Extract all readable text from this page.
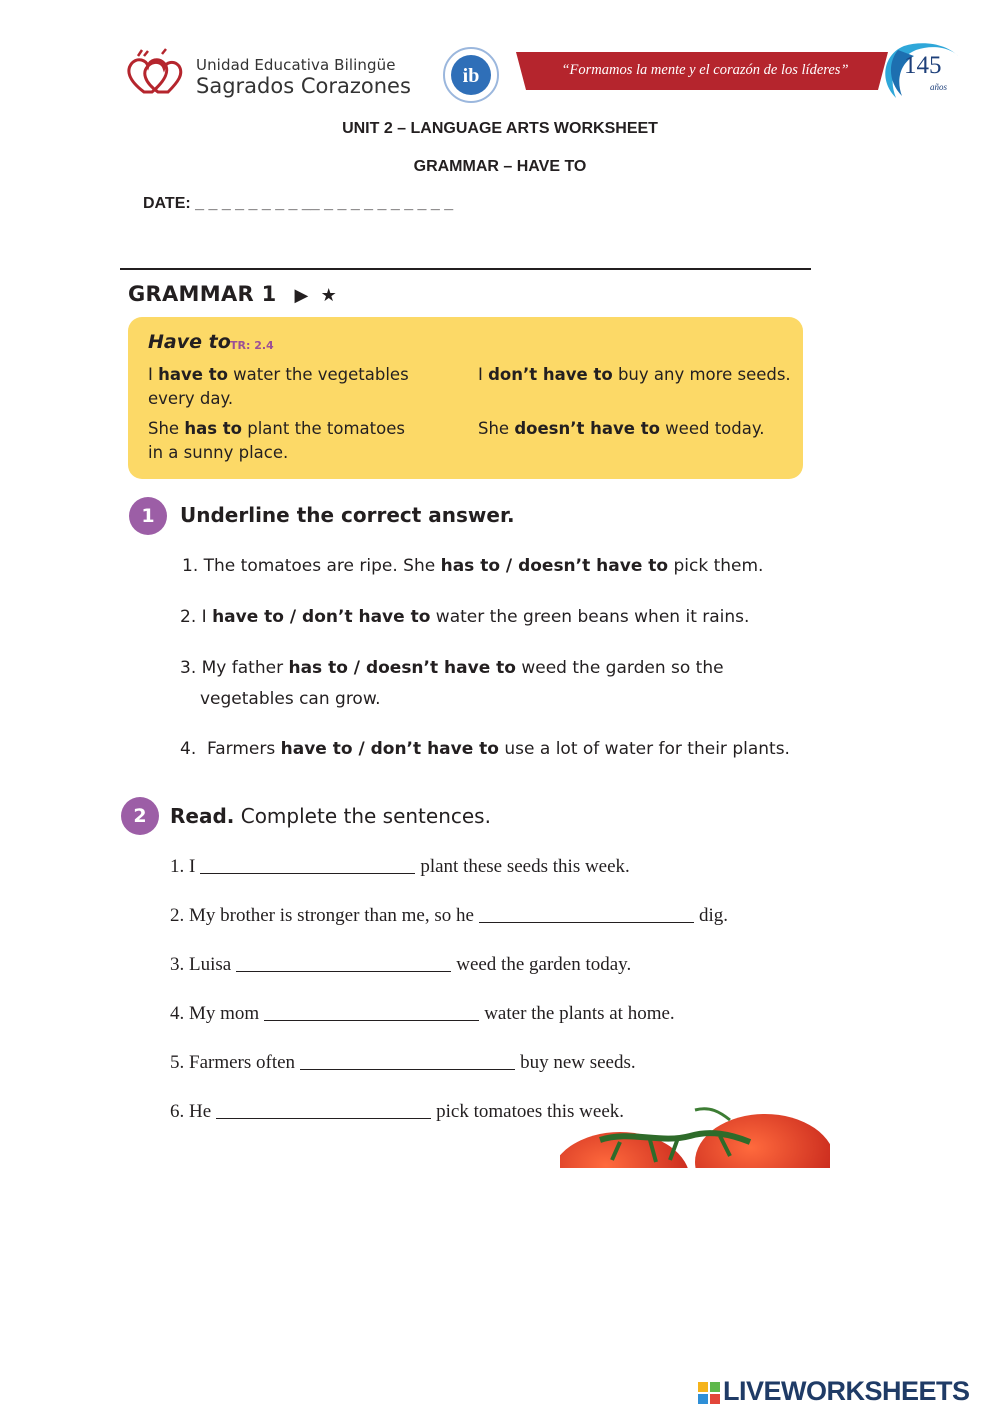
Unidad Educativa Bilingüe
Sagrados Corazones	ib	“Formamos la mente y el corazón de los líderes”	145
años
UNIT 2 – LANGUAGE ARTS WORKSHEET
GRAMMAR – HAVE TO
DATE: _ _ _ _ _ _ _ _ __ _ _ _ _ _ _ _ _ _ _
GRAMMAR 1 ▶ ★
Have to TR: 2.4
I have to water the vegetables
every day.
I don’t have to buy any more seeds.
She has to plant the tomatoes
in a sunny place.
She doesn’t have to weed today.
1	Underline the correct answer.
1. The tomatoes are ripe. She has to / doesn’t have to pick them.
2. I have to / don’t have to water the green beans when it rains.
3. My father has to / doesn’t have to weed the garden so the
vegetables can grow.
4.  Farmers have to / don’t have to use a lot of water for their plants.
2	Read. Complete the sentences.
1. I	plant these seeds this week.
2. My brother is stronger than me, so he	dig.
3. Luisa	weed the garden today.
4. My mom	water the plants at home.
5. Farmers often	buy new seeds.
6. He	pick tomatoes this week.
LIVEWORKSHEETS
